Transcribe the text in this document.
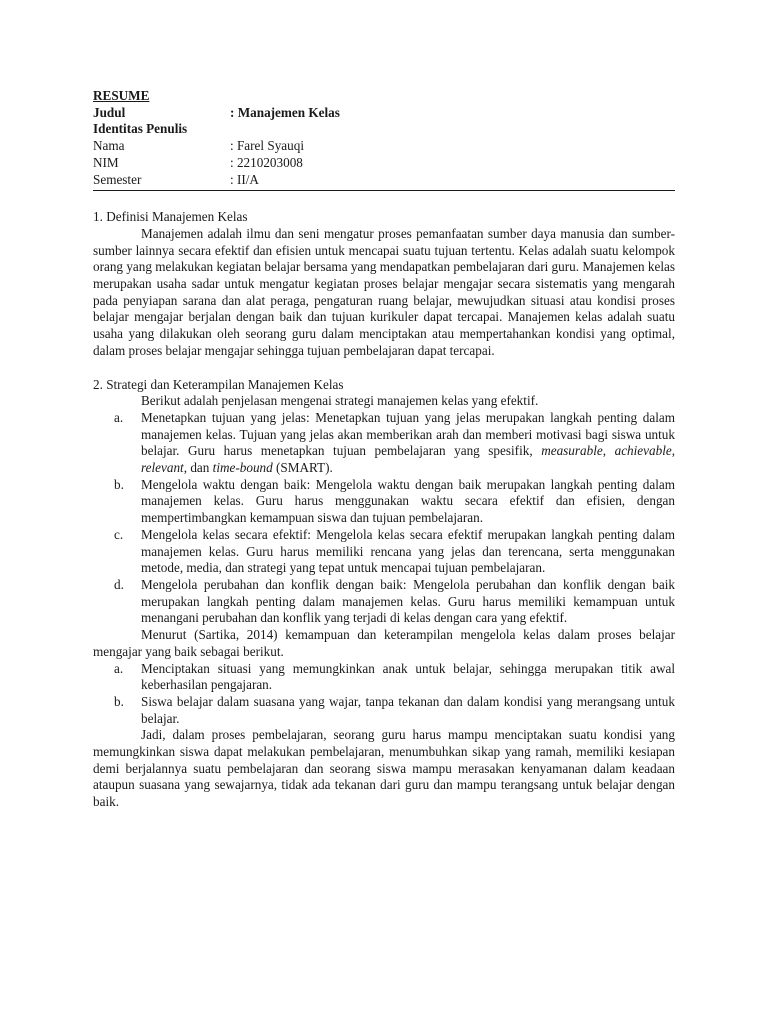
RESUME
Judul	: Manajemen Kelas
Identitas Penulis
Nama	: Farel Syauqi
NIM	: 2210203008
Semester	: II/A
1. Definisi Manajemen Kelas

Manajemen adalah ilmu dan seni mengatur proses pemanfaatan sumber daya manusia dan sumber-sumber lainnya secara efektif dan efisien untuk mencapai suatu tujuan tertentu. Kelas adalah suatu kelompok orang yang melakukan kegiatan belajar bersama yang mendapatkan pembelajaran dari guru. Manajemen kelas merupakan usaha sadar untuk mengatur kegiatan proses belajar mengajar secara sistematis yang mengarah pada penyiapan sarana dan alat peraga, pengaturan ruang belajar, mewujudkan situasi atau kondisi proses belajar mengajar berjalan dengan baik dan tujuan kurikuler dapat tercapai. Manajemen kelas adalah suatu usaha yang dilakukan oleh seorang guru dalam menciptakan atau mempertahankan kondisi yang optimal, dalam proses belajar mengajar sehingga tujuan pembelajaran dapat tercapai.

2. Strategi dan Keterampilan Manajemen Kelas

Berikut adalah penjelasan mengenai strategi manajemen kelas yang efektif.

a.	Menetapkan tujuan yang jelas: Menetapkan tujuan yang jelas merupakan langkah penting dalam manajemen kelas. Tujuan yang jelas akan memberikan arah dan memberi motivasi bagi siswa untuk belajar. Guru harus menetapkan tujuan pembelajaran yang spesifik, measurable, achievable, relevant, dan time-bound (SMART).
b.	Mengelola waktu dengan baik: Mengelola waktu dengan baik merupakan langkah penting dalam manajemen kelas. Guru harus menggunakan waktu secara efektif dan efisien, dengan mempertimbangkan kemampuan siswa dan tujuan pembelajaran.
c.	Mengelola kelas secara efektif: Mengelola kelas secara efektif merupakan langkah penting dalam manajemen kelas. Guru harus memiliki rencana yang jelas dan terencana, serta menggunakan metode, media, dan strategi yang tepat untuk mencapai tujuan pembelajaran.
d.	Mengelola perubahan dan konflik dengan baik: Mengelola perubahan dan konflik dengan baik merupakan langkah penting dalam manajemen kelas. Guru harus memiliki kemampuan untuk menangani perubahan dan konflik yang terjadi di kelas dengan cara yang efektif.

Menurut (Sartika, 2014) kemampuan dan keterampilan mengelola kelas dalam proses belajar mengajar yang baik sebagai berikut.

a.	Menciptakan situasi yang memungkinkan anak untuk belajar, sehingga merupakan titik awal keberhasilan pengajaran.
b.	Siswa belajar dalam suasana yang wajar, tanpa tekanan dan dalam kondisi yang merangsang untuk belajar.

Jadi, dalam proses pembelajaran, seorang guru harus mampu menciptakan suatu kondisi yang memungkinkan siswa dapat melakukan pembelajaran, menumbuhkan sikap yang ramah, memiliki kesiapan demi berjalannya suatu pembelajaran dan seorang siswa mampu merasakan kenyamanan dalam keadaan ataupun suasana yang sewajarnya, tidak ada tekanan dari guru dan mampu terangsang untuk belajar dengan baik.
